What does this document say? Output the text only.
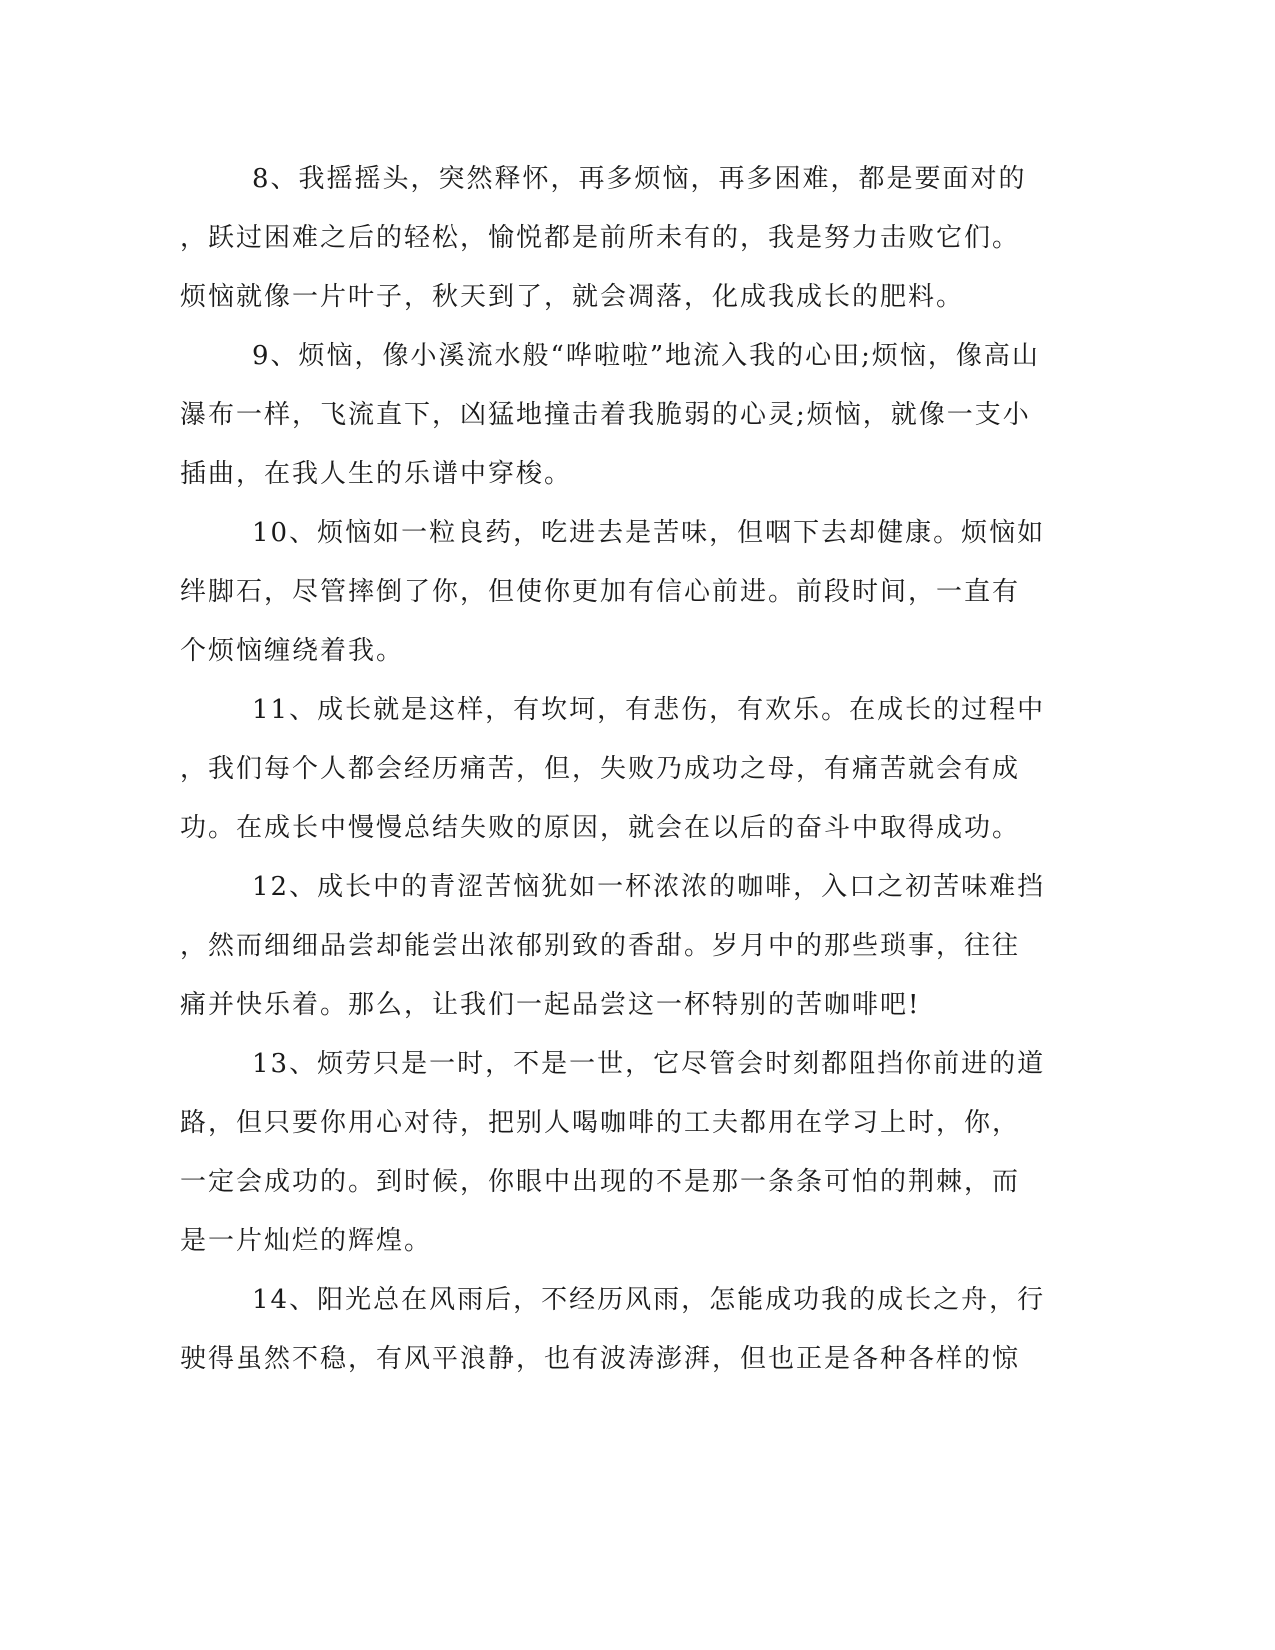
8、我摇摇头，突然释怀，再多烦恼，再多困难，都是要面对的
，跃过困难之后的轻松，愉悦都是前所未有的，我是努力击败它们。
烦恼就像一片叶子，秋天到了，就会凋落，化成我成长的肥料。
9、烦恼，像小溪流水般“哗啦啦”地流入我的心田;烦恼，像高山
瀑布一样，飞流直下，凶猛地撞击着我脆弱的心灵;烦恼，就像一支小
插曲，在我人生的乐谱中穿梭。
10、烦恼如一粒良药，吃进去是苦味，但咽下去却健康。烦恼如
绊脚石，尽管摔倒了你，但使你更加有信心前进。前段时间，一直有
个烦恼缠绕着我。
11、成长就是这样，有坎坷，有悲伤，有欢乐。在成长的过程中
，我们每个人都会经历痛苦，但，失败乃成功之母，有痛苦就会有成
功。在成长中慢慢总结失败的原因，就会在以后的奋斗中取得成功。
12、成长中的青涩苦恼犹如一杯浓浓的咖啡，入口之初苦味难挡
，然而细细品尝却能尝出浓郁别致的香甜。岁月中的那些琐事，往往
痛并快乐着。那么，让我们一起品尝这一杯特别的苦咖啡吧!
13、烦劳只是一时，不是一世，它尽管会时刻都阻挡你前进的道
路，但只要你用心对待，把别人喝咖啡的工夫都用在学习上时，你，
一定会成功的。到时候，你眼中出现的不是那一条条可怕的荆棘，而
是一片灿烂的辉煌。
14、阳光总在风雨后，不经历风雨，怎能成功我的成长之舟，行
驶得虽然不稳，有风平浪静，也有波涛澎湃，但也正是各种各样的惊
